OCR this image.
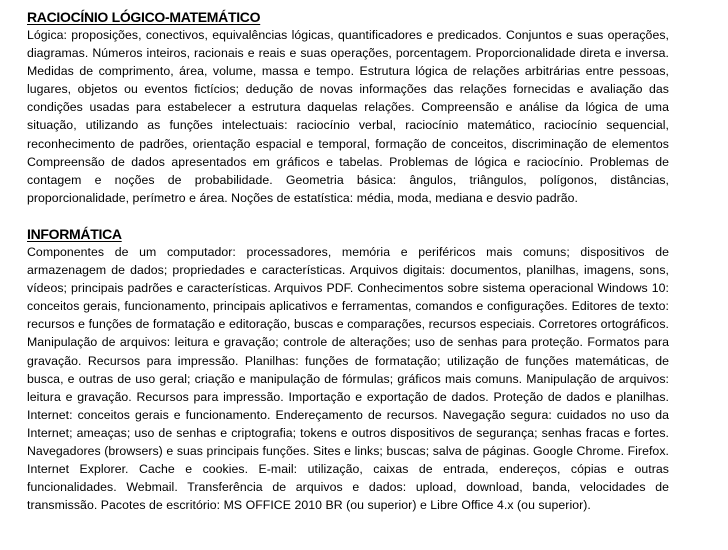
RACIOCÍNIO LÓGICO-MATEMÁTICO

Lógica: proposições, conectivos, equivalências lógicas, quantificadores e predicados. Conjuntos e suas operações, diagramas. Números inteiros, racionais e reais e suas operações, porcentagem. Proporcionalidade direta e inversa. Medidas de comprimento, área, volume, massa e tempo. Estrutura lógica de relações arbitrárias entre pessoas, lugares, objetos ou eventos fictícios; dedução de novas informações das relações fornecidas e avaliação das condições usadas para estabelecer a estrutura daquelas relações. Compreensão e análise da lógica de uma situação, utilizando as funções intelectuais: raciocínio verbal, raciocínio matemático, raciocínio sequencial, reconhecimento de padrões, orientação espacial e temporal, formação de conceitos, discriminação de elementos Compreensão de dados apresentados em gráficos e tabelas. Problemas de lógica e raciocínio. Problemas de contagem e noções de probabilidade. Geometria básica: ângulos, triângulos, polígonos, distâncias, proporcionalidade, perímetro e área. Noções de estatística: média, moda, mediana e desvio padrão.

INFORMÁTICA

Componentes de um computador: processadores, memória e periféricos mais comuns; dispositivos de armazenagem de dados; propriedades e características. Arquivos digitais: documentos, planilhas, imagens, sons, vídeos; principais padrões e características. Arquivos PDF. Conhecimentos sobre sistema operacional Windows 10: conceitos gerais, funcionamento, principais aplicativos e ferramentas, comandos e configurações. Editores de texto: recursos e funções de formatação e editoração, buscas e comparações, recursos especiais. Corretores ortográficos. Manipulação de arquivos: leitura e gravação; controle de alterações; uso de senhas para proteção. Formatos para gravação. Recursos para impressão. Planilhas: funções de formatação; utilização de funções matemáticas, de busca, e outras de uso geral; criação e manipulação de fórmulas; gráficos mais comuns. Manipulação de arquivos: leitura e gravação. Recursos para impressão. Importação e exportação de dados. Proteção de dados e planilhas. Internet: conceitos gerais e funcionamento. Endereçamento de recursos. Navegação segura: cuidados no uso da Internet; ameaças; uso de senhas e criptografia; tokens e outros dispositivos de segurança; senhas fracas e fortes. Navegadores (browsers) e suas principais funções. Sites e links; buscas; salva de páginas. Google Chrome. Firefox. Internet Explorer. Cache e cookies. E-mail: utilização, caixas de entrada, endereços, cópias e outras funcionalidades. Webmail. Transferência de arquivos e dados: upload, download, banda, velocidades de transmissão. Pacotes de escritório: MS OFFICE 2010 BR (ou superior) e Libre Office 4.x (ou superior).
